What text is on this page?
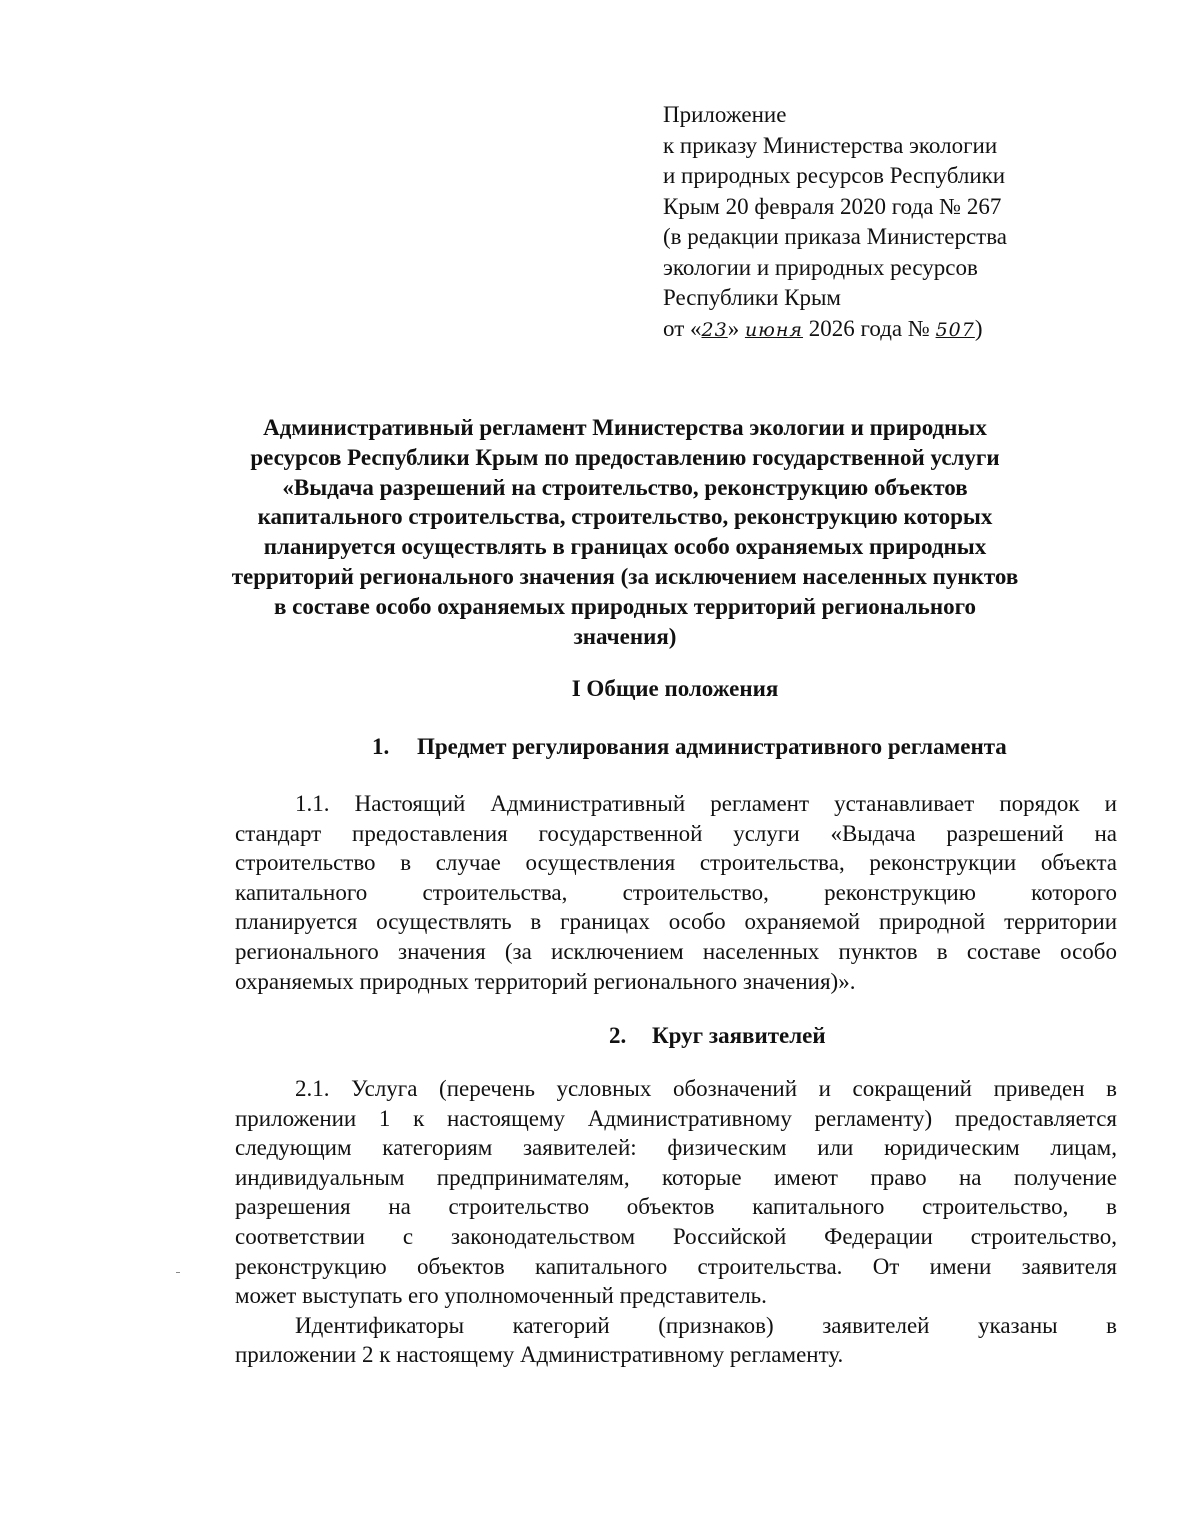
Приложение
к приказу Министерства экологии
и природных ресурсов Республики
Крым 20 февраля 2020 года № 267
(в редакции приказа Министерства
экологии и природных ресурсов
Республики Крым
от «23» июня 2026 года № 507)
Административный регламент Министерства экологии и природных
ресурсов Республики Крым по предоставлению государственной услуги
«Выдача разрешений на строительство, реконструкцию объектов
капитального строительства, строительство, реконструкцию которых
планируется осуществлять в границах особо охраняемых природных
территорий регионального значения (за исключением населенных пунктов
в составе особо охраняемых природных территорий регионального
значения)
I Общие положения
1. Предмет регулирования административного регламента
1.1. Настоящий Административный регламент устанавливает порядок и
стандарт предоставления государственной услуги «Выдача разрешений на
строительство в случае осуществления строительства, реконструкции объекта
капитального строительства, строительство, реконструкцию которого
планируется осуществлять в границах особо охраняемой природной территории
регионального значения (за исключением населенных пунктов в составе особо
охраняемых природных территорий регионального значения)».
2. Круг заявителей
2.1. Услуга (перечень условных обозначений и сокращений приведен в
приложении 1 к настоящему Административному регламенту) предоставляется
следующим категориям заявителей: физическим или юридическим лицам,
индивидуальным предпринимателям, которые имеют право на получение
разрешения на строительство объектов капитального строительство, в
соответствии с законодательством Российской Федерации строительство,
реконструкцию объектов капитального строительства. От имени заявителя
может выступать его уполномоченный представитель.
Идентификаторы категорий (признаков) заявителей указаны в
приложении 2 к настоящему Административному регламенту.
